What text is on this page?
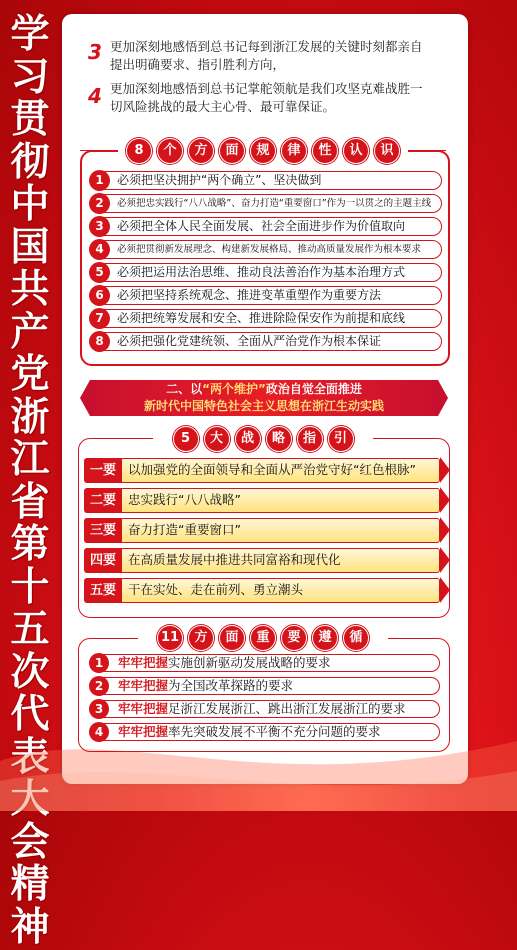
学习贯彻中国共产党浙江省第十五次代表大会精神
3 更加深刻地感悟到总书记每到浙江发展的关键时刻都亲自
提出明确要求、指引胜利方向，
4 更加深刻地感悟到总书记掌舵领航是我们攻坚克难战胜一
切风险挑战的最大主心骨、最可靠保证。
8	个	方	面	规	律	性	认	识
1	必须把坚决拥护“两个确立”、坚决做到
2	必须把忠实践行“八八战略”、奋力打造“重要窗口”作为一以贯之的主题主线
3	必须把全体人民全面发展、社会全面进步作为价值取向
4	必须把贯彻新发展理念、构建新发展格局、推动高质量发展作为根本要求
5	必须把运用法治思维、推动良法善治作为基本治理方式
6	必须把坚持系统观念、推进变革重塑作为重要方法
7	必须把统筹发展和安全、推进除险保安作为前提和底线
8	必须把强化党建统领、全面从严治党作为根本保证
二、以“两个维护”政治自觉全面推进
新时代中国特色社会主义思想在浙江生动实践
5	大	战	略	指	引
一要 以加强党的全面领导和全面从严治党守好“红色根脉”
二要 忠实践行“八八战略”
三要 奋力打造“重要窗口”
四要 在高质量发展中推进共同富裕和现代化
五要 干在实处、走在前列、勇立潮头
11	方	面	重	要	遵	循
1	牢牢把握实施创新驱动发展战略的要求
2	牢牢把握为全国改革探路的要求
3	牢牢把握足浙江发展浙江、跳出浙江发展浙江的要求
4	牢牢把握率先突破发展不平衡不充分问题的要求
